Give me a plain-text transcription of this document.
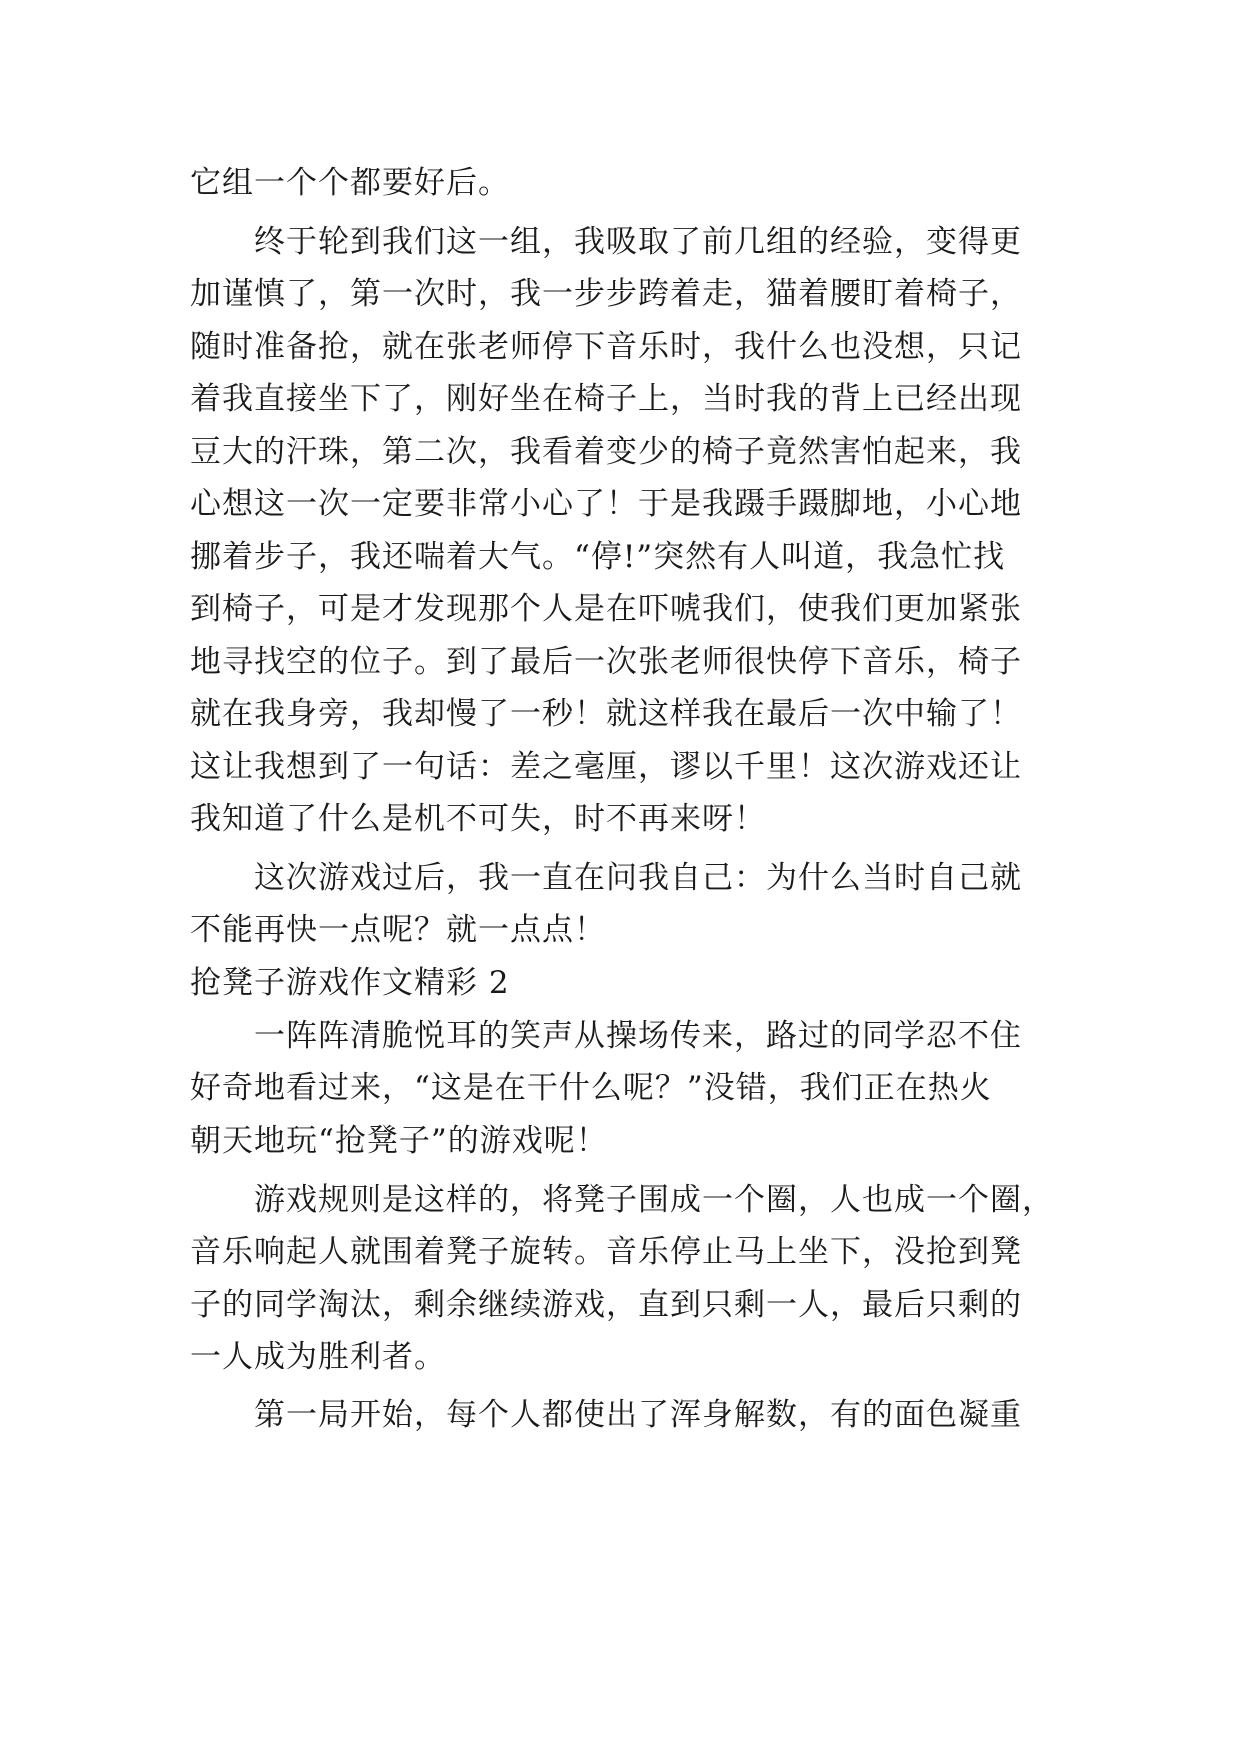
它组一个个都要好后。
终于轮到我们这一组，我吸取了前几组的经验，变得更
加谨慎了，第一次时，我一步步跨着走，猫着腰盯着椅子，
随时准备抢，就在张老师停下音乐时，我什么也没想，只记
着我直接坐下了，刚好坐在椅子上，当时我的背上已经出现
豆大的汗珠，第二次，我看着变少的椅子竟然害怕起来，我
心想这一次一定要非常小心了！于是我蹑手蹑脚地，小心地
挪着步子，我还喘着大气。“停!”突然有人叫道，我急忙找
到椅子，可是才发现那个人是在吓唬我们，使我们更加紧张
地寻找空的位子。到了最后一次张老师很快停下音乐，椅子
就在我身旁，我却慢了一秒！就这样我在最后一次中输了！
这让我想到了一句话：差之毫厘，谬以千里！这次游戏还让
我知道了什么是机不可失，时不再来呀！
这次游戏过后，我一直在问我自己：为什么当时自己就
不能再快一点呢？就一点点！
抢凳子游戏作文精彩 2
一阵阵清脆悦耳的笑声从操场传来，路过的同学忍不住
好奇地看过来，“这是在干什么呢？”没错，我们正在热火
朝天地玩“抢凳子”的游戏呢！
游戏规则是这样的，将凳子围成一个圈，人也成一个圈，
音乐响起人就围着凳子旋转。音乐停止马上坐下，没抢到凳
子的同学淘汰，剩余继续游戏，直到只剩一人，最后只剩的
一人成为胜利者。
第一局开始，每个人都使出了浑身解数，有的面色凝重
